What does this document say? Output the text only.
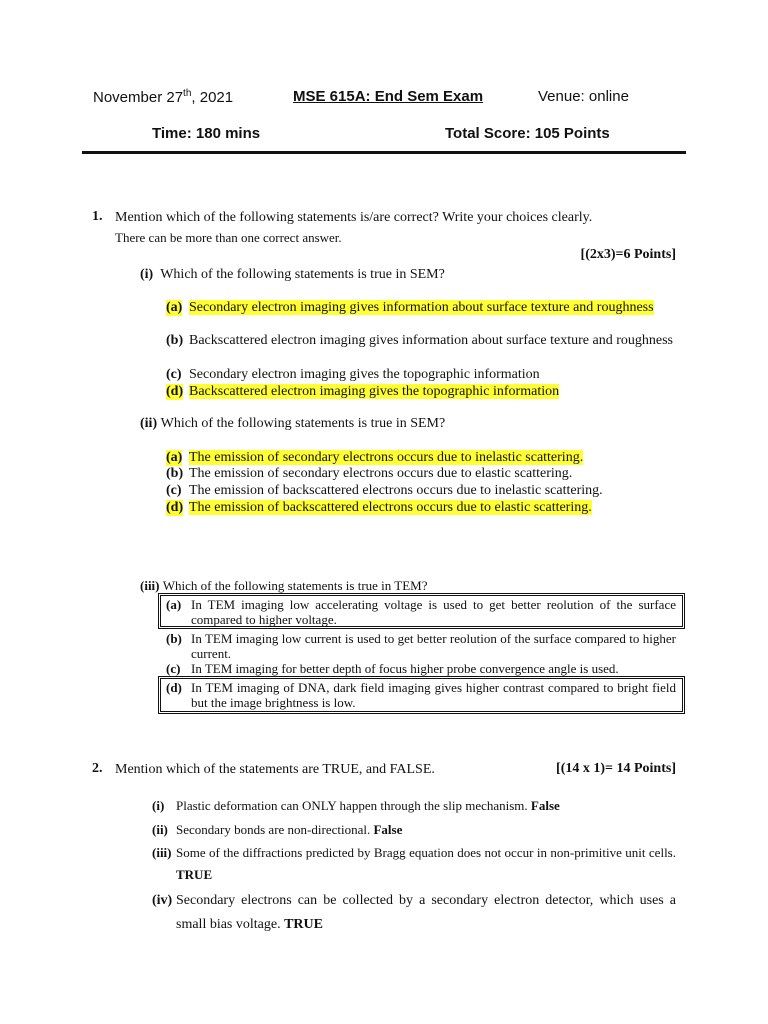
November 27th, 2021	MSE 615A: End Sem Exam	Venue: online
Time: 180 mins	Total Score: 105 Points
1. Mention which of the following statements is/are correct? Write your choices clearly.
There can be more than one correct answer.
[(2x3)=6 Points]
(i) Which of the following statements is true in SEM?
(a) Secondary electron imaging gives information about surface texture and roughness
(b) Backscattered electron imaging gives information about surface texture and roughness
(c) Secondary electron imaging gives the topographic information
(d) Backscattered electron imaging gives the topographic information
(ii) Which of the following statements is true in SEM?
(a) The emission of secondary electrons occurs due to inelastic scattering.
(b) The emission of secondary electrons occurs due to elastic scattering.
(c) The emission of backscattered electrons occurs due to inelastic scattering.
(d) The emission of backscattered electrons occurs due to elastic scattering.
(iii) Which of the following statements is true in TEM?
(a) In TEM imaging low accelerating voltage is used to get better reolution of the surface compared to higher voltage.
(b) In TEM imaging low current is used to get better reolution of the surface compared to higher current.
(c) In TEM imaging for better depth of focus higher probe convergence angle is used.
(d) In TEM imaging of DNA, dark field imaging gives higher contrast compared to bright field but the image brightness is low.
2. Mention which of the statements are TRUE, and FALSE.	[(14 x 1)= 14 Points]
(i) Plastic deformation can ONLY happen through the slip mechanism. False
(ii) Secondary bonds are non-directional. False
(iii) Some of the diffractions predicted by Bragg equation does not occur in non-primitive unit cells. TRUE
(iv) Secondary electrons can be collected by a secondary electron detector, which uses a small bias voltage. TRUE
